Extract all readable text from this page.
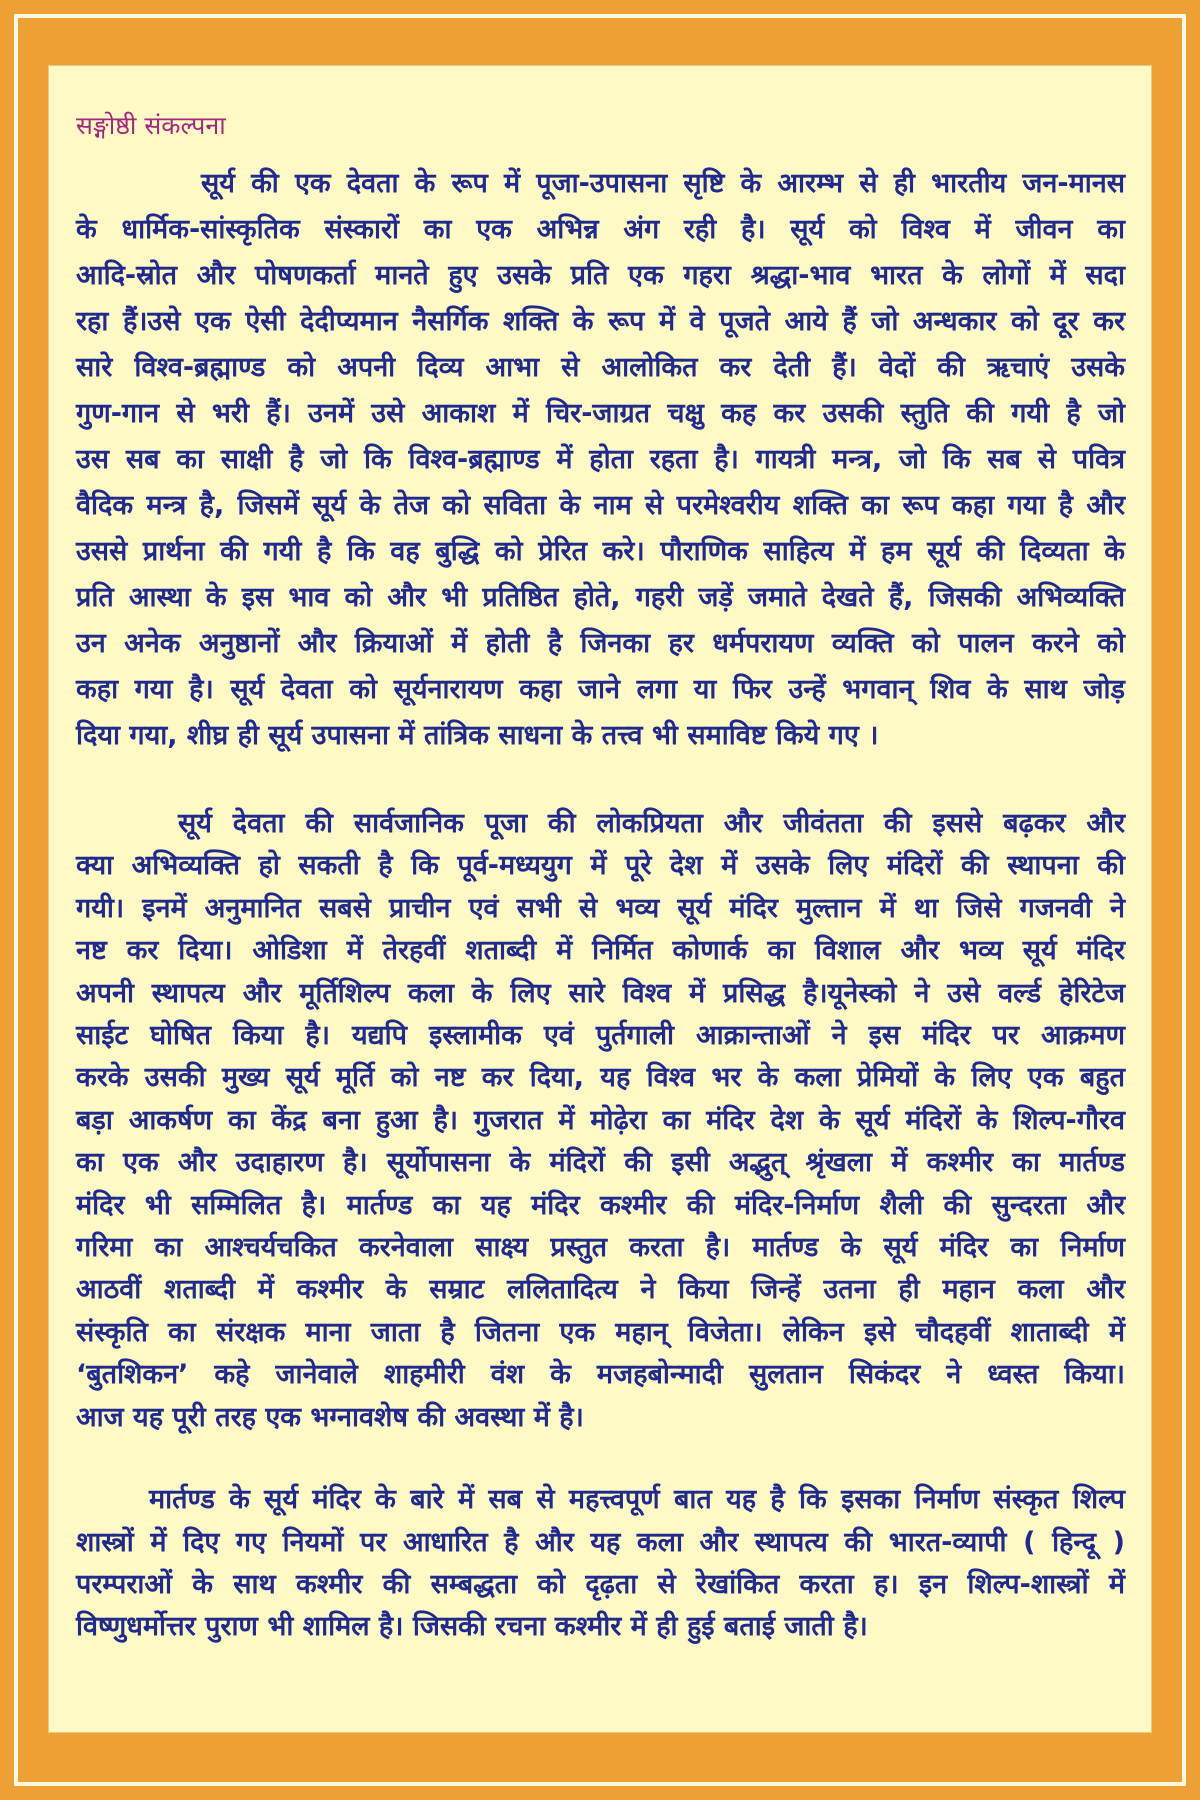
सङ्गोष्ठी संकल्पना
सूर्य की एक देवता के रूप में पूजा-उपासना सृष्टि के आरम्भ से ही भारतीय जन-मानस
के धार्मिक-सांस्कृतिक संस्कारों का एक अभिन्न अंग रही है। सूर्य को विश्व में जीवन का
आदि-स्रोत और पोषणकर्ता मानते हुए उसके प्रति एक गहरा श्रद्धा-भाव भारत के लोगों में सदा
रहा हैं।उसे एक ऐसी देदीप्यमान नैसर्गिक शक्ति के रूप में वे पूजते आये हैं जो अन्धकार को दूर कर
सारे विश्व-ब्रह्माण्ड को अपनी दिव्य आभा से आलोकित कर देती हैं। वेदों की ऋचाएं उसके
गुण-गान से भरी हैं। उनमें उसे आकाश में चिर-जाग्रत चक्षु कह कर उसकी स्तुति की गयी है जो
उस सब का साक्षी है जो कि विश्व-ब्रह्माण्ड में होता रहता है। गायत्री मन्त्र, जो कि सब से पवित्र
वैदिक मन्त्र है, जिसमें सूर्य के तेज को सविता के नाम से परमेश्वरीय शक्ति का रूप कहा गया है और
उससे प्रार्थना की गयी है कि वह बुद्धि को प्रेरित करे। पौराणिक साहित्य में हम सूर्य की दिव्यता के
प्रति आस्था के इस भाव को और भी प्रतिष्ठित होते, गहरी जड़ें जमाते देखते हैं, जिसकी अभिव्यक्ति
उन अनेक अनुष्ठानों और क्रियाओं में होती है जिनका हर धर्मपरायण व्यक्ति को पालन करने को
कहा गया है। सूर्य देवता को सूर्यनारायण कहा जाने लगा या फिर उन्हें भगवान् शिव के साथ जोड़
दिया गया, शीघ्र ही सूर्य उपासना में तांत्रिक साधना के तत्त्व भी समाविष्ट किये गए ।
सूर्य देवता की सार्वजानिक पूजा की लोकप्रियता और जीवंतता की इससे बढ़कर और
क्या अभिव्यक्ति हो सकती है कि पूर्व-मध्ययुग में पूरे देश में उसके लिए मंदिरों की स्थापना की
गयी। इनमें अनुमानित सबसे प्राचीन एवं सभी से भव्य सूर्य मंदिर मुल्तान में था जिसे गजनवी ने
नष्ट कर दिया। ओडिशा में तेरहवीं शताब्दी में निर्मित कोणार्क का विशाल और भव्य सूर्य मंदिर
अपनी स्थापत्य और मूर्तिशिल्प कला के लिए सारे विश्व में प्रसिद्ध है।यूनेस्को ने उसे वर्ल्ड हेरिटेज
साईट घोषित किया है। यद्यपि इस्लामीक एवं पुर्तगाली आक्रान्ताओं ने इस मंदिर पर आक्रमण
करके उसकी मुख्य सूर्य मूर्ति को नष्ट कर दिया, यह विश्व भर के कला प्रेमियों के लिए एक बहुत
बड़ा आकर्षण का केंद्र बना हुआ है। गुजरात में मोढ़ेरा का मंदिर देश के सूर्य मंदिरों के शिल्प-गौरव
का एक और उदाहारण है। सूर्योपासना के मंदिरों की इसी अद्भुत् श्रृंखला में कश्मीर का मार्तण्ड
मंदिर भी सम्मिलित है। मार्तण्ड का यह मंदिर कश्मीर की मंदिर-निर्माण शैली की सुन्दरता और
गरिमा का आश्चर्यचकित करनेवाला साक्ष्य प्रस्तुत करता है। मार्तण्ड के सूर्य मंदिर का निर्माण
आठवीं शताब्दी में कश्मीर के सम्राट ललितादित्य ने किया जिन्हें उतना ही महान कला और
संस्कृति का संरक्षक माना जाता है जितना एक महान् विजेता। लेकिन इसे चौदहवीं शाताब्दी में
‘बुतशिकन’ कहे जानेवाले शाहमीरी वंश के मजहबोन्मादी सुलतान सिकंदर ने ध्वस्त किया।
आज यह पूरी तरह एक भग्नावशेष की अवस्था में है।
मार्तण्ड के सूर्य मंदिर के बारे में सब से महत्त्वपूर्ण बात यह है कि इसका निर्माण संस्कृत शिल्प
शास्त्रों में दिए गए नियमों पर आधारित है और यह कला और स्थापत्य की भारत-व्यापी ( हिन्दू )
परम्पराओं के साथ कश्मीर की सम्बद्धता को दृढ़ता से रेखांकित करता ह। इन शिल्प-शास्त्रों में
विष्णुधर्मोत्तर पुराण भी शामिल है। जिसकी रचना कश्मीर में ही हुई बताई जाती है।
